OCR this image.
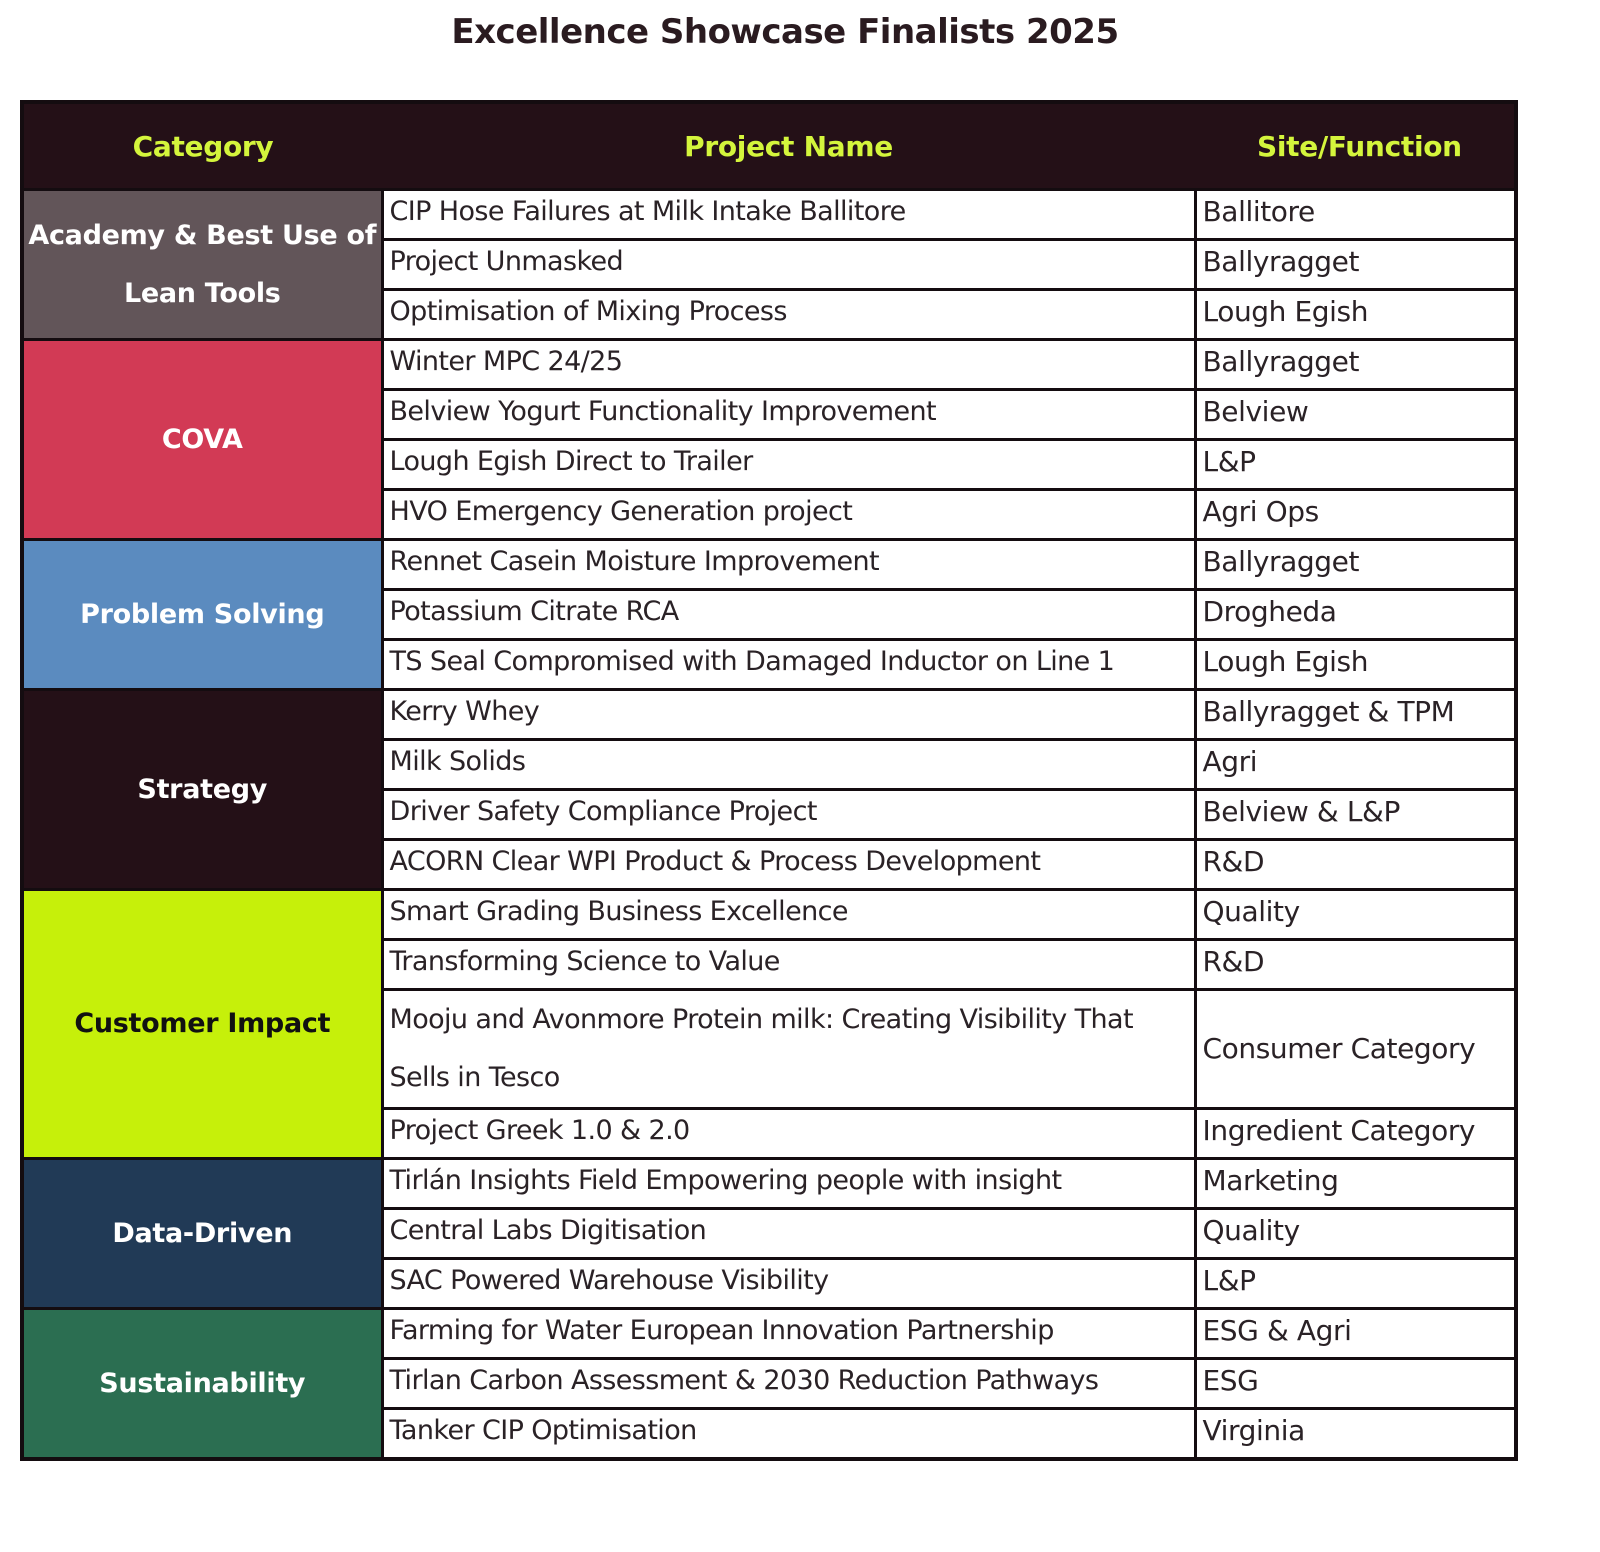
Excellence Showcase Finalists 2025
Category	Project Name	Site/Function
Academy & Best Use of Lean Tools	CIP Hose Failures at Milk Intake Ballitore	Ballitore
	Project Unmasked	Ballyragget
	Optimisation of Mixing Process	Lough Egish
COVA	Winter MPC 24/25	Ballyragget
	Belview Yogurt Functionality Improvement	Belview
	Lough Egish Direct to Trailer	L&P
	HVO Emergency Generation project	Agri Ops
Problem Solving	Rennet Casein Moisture Improvement	Ballyragget
	Potassium Citrate RCA	Drogheda
	TS Seal Compromised with Damaged Inductor on Line 1	Lough Egish
Strategy	Kerry Whey	Ballyragget & TPM
	Milk Solids	Agri
	Driver Safety Compliance Project	Belview & L&P
	ACORN Clear WPI Product & Process Development	R&D
Customer Impact	Smart Grading Business Excellence	Quality
	Transforming Science to Value	R&D
	Mooju and Avonmore Protein milk: Creating Visibility That Sells in Tesco	Consumer Category
	Project Greek 1.0 & 2.0	Ingredient Category
Data-Driven	Tirlán Insights Field Empowering people with insight	Marketing
	Central Labs Digitisation	Quality
	SAC Powered Warehouse Visibility	L&P
Sustainability	Farming for Water European Innovation Partnership	ESG & Agri
	Tirlan Carbon Assessment & 2030 Reduction Pathways	ESG
	Tanker CIP Optimisation	Virginia
